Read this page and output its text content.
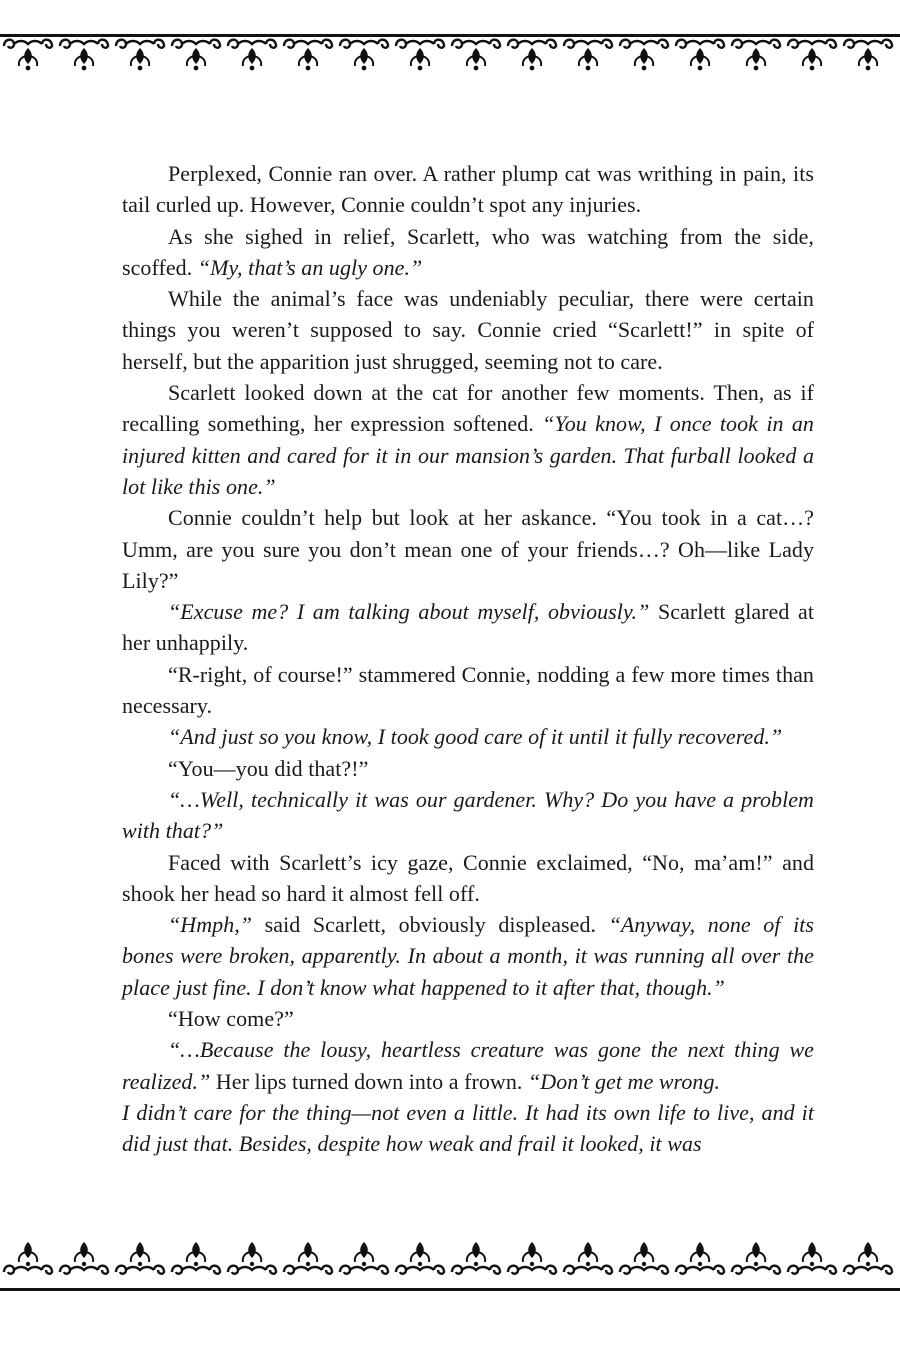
Perplexed, Connie ran over. A rather plump cat was writhing in pain, its tail curled up. However, Connie couldn’t spot any injuries.

As she sighed in relief, Scarlett, who was watching from the side, scoffed. “My, that’s an ugly one.”

While the animal’s face was undeniably peculiar, there were certain things you weren’t supposed to say. Connie cried “Scarlett!” in spite of herself, but the apparition just shrugged, seeming not to care.

Scarlett looked down at the cat for another few moments. Then, as if recalling something, her expression softened. “You know, I once took in an injured kitten and cared for it in our mansion’s garden. That furball looked a lot like this one.”

Connie couldn’t help but look at her askance. “You took in a cat…? Umm, are you sure you don’t mean one of your friends…? Oh—like Lady Lily?”

“Excuse me? I am talking about myself, obviously.” Scarlett glared at her unhappily.

“R-right, of course!” stammered Connie, nodding a few more times than necessary.

“And just so you know, I took good care of it until it fully recovered.”

“You—you did that?!”

“…Well, technically it was our gardener. Why? Do you have a problem with that?”

Faced with Scarlett’s icy gaze, Connie exclaimed, “No, ma’am!” and shook her head so hard it almost fell off.

“Hmph,” said Scarlett, obviously displeased. “Anyway, none of its bones were broken, apparently. In about a month, it was running all over the place just fine. I don’t know what happened to it after that, though.”

“How come?”

“…Because the lousy, heartless creature was gone the next thing we realized.” Her lips turned down into a frown. “Don’t get me wrong.

I didn’t care for the thing—not even a little. It had its own life to live, and it did just that. Besides, despite how weak and frail it looked, it was
